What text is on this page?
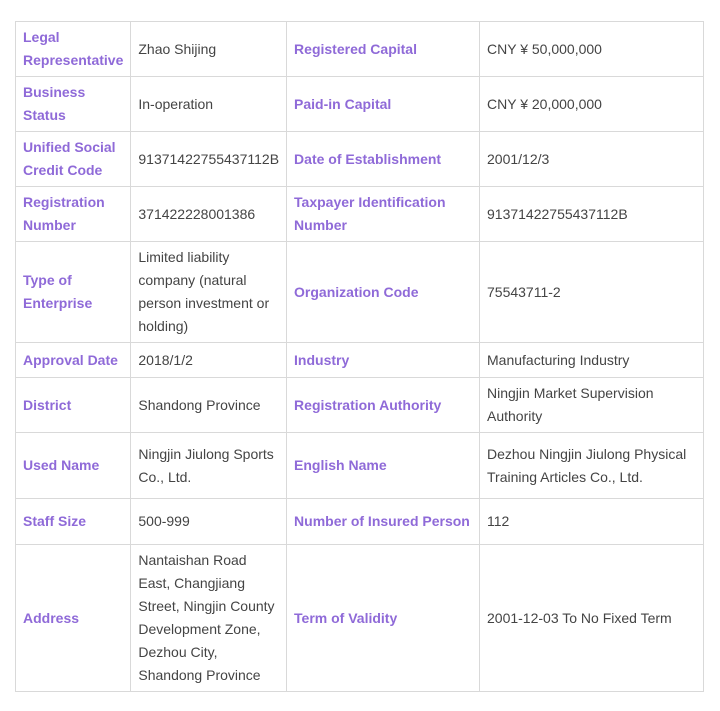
Legal Representative	Zhao Shijing	Registered Capital	CNY ¥ 50,000,000
Business Status	In-operation	Paid-in Capital	CNY ¥ 20,000,000
Unified Social Credit Code	91371422755437112B	Date of Establishment	2001/12/3
Registration Number	371422228001386	Taxpayer Identification Number	91371422755437112B
Type of Enterprise	Limited liability company (natural person investment or holding)	Organization Code	75543711-2
Approval Date	2018/1/2	Industry	Manufacturing Industry
District	Shandong Province	Registration Authority	Ningjin Market Supervision Authority
Used Name	Ningjin Jiulong Sports Co., Ltd.	English Name	Dezhou Ningjin Jiulong Physical Training Articles Co., Ltd.
Staff Size	500-999	Number of Insured Person	112
Address	Nantaishan Road East, Changjiang Street, Ningjin County Development Zone, Dezhou City, Shandong Province	Term of Validity	2001-12-03 To No Fixed Term
